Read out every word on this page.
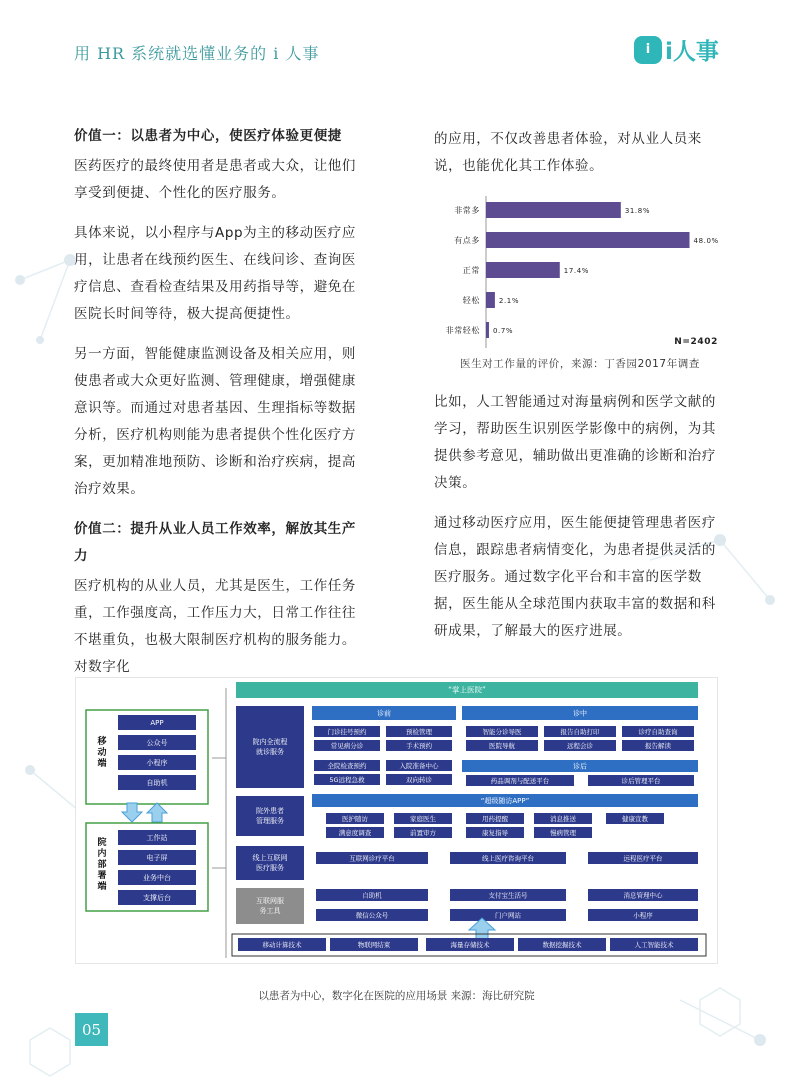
用 HR 系统就选懂业务的 i 人事	i i人事
价值一：以患者为中心，使医疗体验更便捷

医药医疗的最终使用者是患者或大众，让他们享受到便捷、个性化的医疗服务。

具体来说，以小程序与App为主的移动医疗应用，让患者在线预约医生、在线问诊、查询医疗信息、查看检查结果及用药指导等，避免在医院长时间等待，极大提高便捷性。

另一方面，智能健康监测设备及相关应用，则使患者或大众更好监测、管理健康，增强健康意识等。而通过对患者基因、生理指标等数据分析，医疗机构则能为患者提供个性化医疗方案，更加精准地预防、诊断和治疗疾病，提高治疗效果。

价值二：提升从业人员工作效率，解放其生产力

医疗机构的从业人员，尤其是医生，工作任务重，工作强度高，工作压力大，日常工作往往不堪重负，也极大限制医疗机构的服务能力。对数字化

的应用，不仅改善患者体验，对从业人员来说，也能优化其工作体验。

非常多	31.8%
有点多	48.0%
正常	17.4%
轻松	2.1%
非常轻松 0.7%
N=2402
医生对工作量的评价，来源：丁香园2017年调查

比如，人工智能通过对海量病例和医学文献的学习，帮助医生识别医学影像中的病例，为其提供参考意见，辅助做出更准确的诊断和治疗决策。

通过移动医疗应用，医生能便捷管理患者医疗信息，跟踪患者病情变化，为患者提供灵活的医疗服务。通过数字化平台和丰富的医学数据，医生能从全球范围内获取丰富的数据和科研成果，了解最大的医疗进展。

移
动
端
APP
公众号
小程序
自助机
院
内
部
署
端
工作站
电子屏
业务中台
支撑后台
“掌上医院”
院内全流程
就诊服务
诊前	诊中
门诊挂号预约	预检管理
常见病分诊	手术预约
全院检查预约	入院准备中心
5G远程急救	双向转诊
智能分诊导医	报告自助打印	诊疗自助查询
医院导航	远程会诊	报告解读
诊后
药品调剂与配送平台	诊后管理平台
院外患者
管理服务
“超级随访APP”
医护随访	家庭医生	用药提醒	消息推送	健康宣教
满意度调查	前置审方	康复指导	慢病管理
线上互联网
医疗服务
互联网诊疗平台	线上医疗咨询平台	远程医疗平台
互联网服
务工具
自助机	支付宝生活号	消息管理中心
微信公众号	门户网站	小程序
移动计算技术	物联网结束	海量存储技术	数据挖掘技术	人工智能技术
以患者为中心，数字化在医院的应用场景 来源：海比研究院
05
